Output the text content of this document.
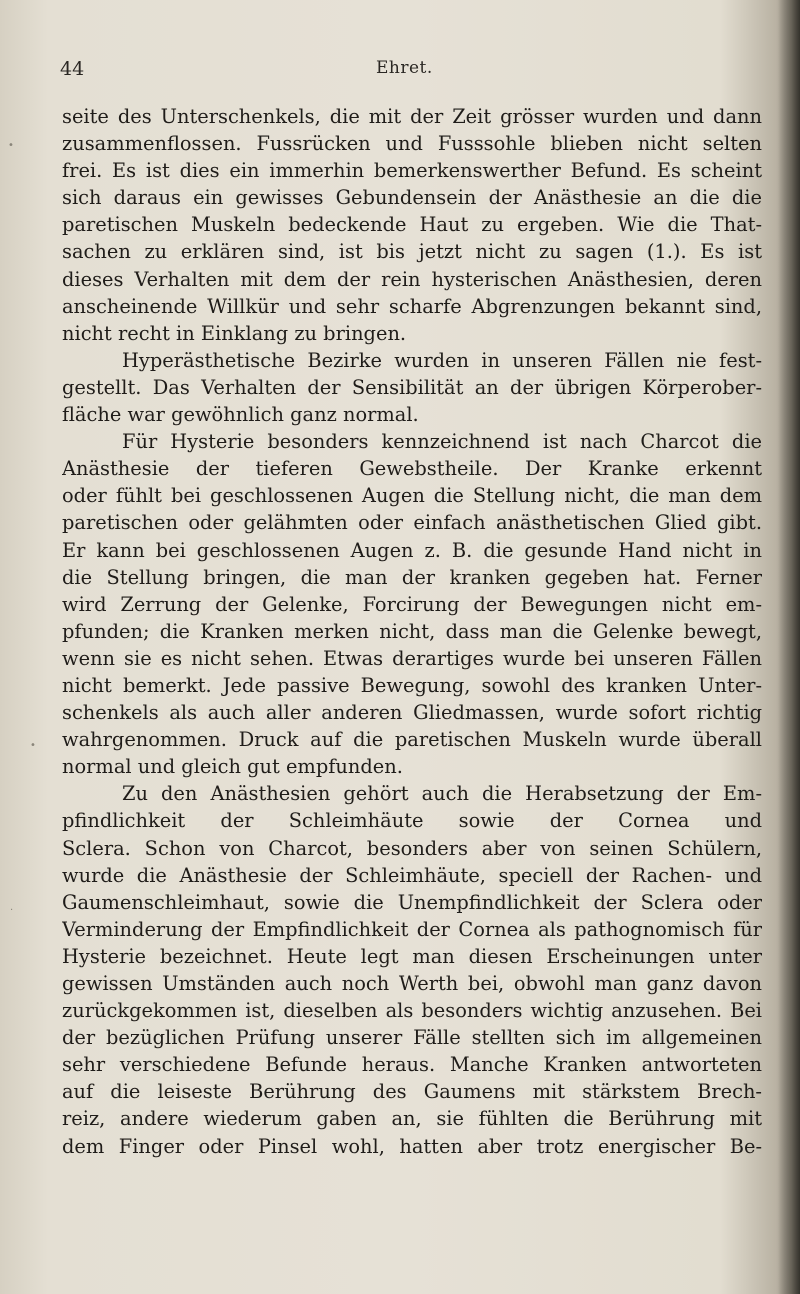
44	Ehret.
seite des Unterschenkels, die mit der Zeit grösser wurden und dann
zusammenflossen. Fussrücken und Fusssohle blieben nicht selten
frei. Es ist dies ein immerhin bemerkenswerther Befund. Es scheint
sich daraus ein gewisses Gebundensein der Anästhesie an die die
paretischen Muskeln bedeckende Haut zu ergeben. Wie die That-
sachen zu erklären sind, ist bis jetzt nicht zu sagen (1.). Es ist
dieses Verhalten mit dem der rein hysterischen Anästhesien, deren
anscheinende Willkür und sehr scharfe Abgrenzungen bekannt sind,
nicht recht in Einklang zu bringen.
Hyperästhetische Bezirke wurden in unseren Fällen nie fest-
gestellt. Das Verhalten der Sensibilität an der übrigen Körperober-
fläche war gewöhnlich ganz normal.
Für Hysterie besonders kennzeichnend ist nach Charcot die
Anästhesie der tieferen Gewebstheile. Der Kranke erkennt
oder fühlt bei geschlossenen Augen die Stellung nicht, die man dem
paretischen oder gelähmten oder einfach anästhetischen Glied gibt.
Er kann bei geschlossenen Augen z. B. die gesunde Hand nicht in
die Stellung bringen, die man der kranken gegeben hat. Ferner
wird Zerrung der Gelenke, Forcirung der Bewegungen nicht em-
pfunden; die Kranken merken nicht, dass man die Gelenke bewegt,
wenn sie es nicht sehen. Etwas derartiges wurde bei unseren Fällen
nicht bemerkt. Jede passive Bewegung, sowohl des kranken Unter-
schenkels als auch aller anderen Gliedmassen, wurde sofort richtig
wahrgenommen. Druck auf die paretischen Muskeln wurde überall
normal und gleich gut empfunden.
Zu den Anästhesien gehört auch die Herabsetzung der Em-
pfindlichkeit der Schleimhäute sowie der Cornea und
Sclera. Schon von Charcot, besonders aber von seinen Schülern,
wurde die Anästhesie der Schleimhäute, speciell der Rachen- und
Gaumenschleimhaut, sowie die Unempfindlichkeit der Sclera oder
Verminderung der Empfindlichkeit der Cornea als pathognomisch für
Hysterie bezeichnet. Heute legt man diesen Erscheinungen unter
gewissen Umständen auch noch Werth bei, obwohl man ganz davon
zurückgekommen ist, dieselben als besonders wichtig anzusehen. Bei
der bezüglichen Prüfung unserer Fälle stellten sich im allgemeinen
sehr verschiedene Befunde heraus. Manche Kranken antworteten
auf die leiseste Berührung des Gaumens mit stärkstem Brech-
reiz, andere wiederum gaben an, sie fühlten die Berührung mit
dem Finger oder Pinsel wohl, hatten aber trotz energischer Be-
•
•
·
